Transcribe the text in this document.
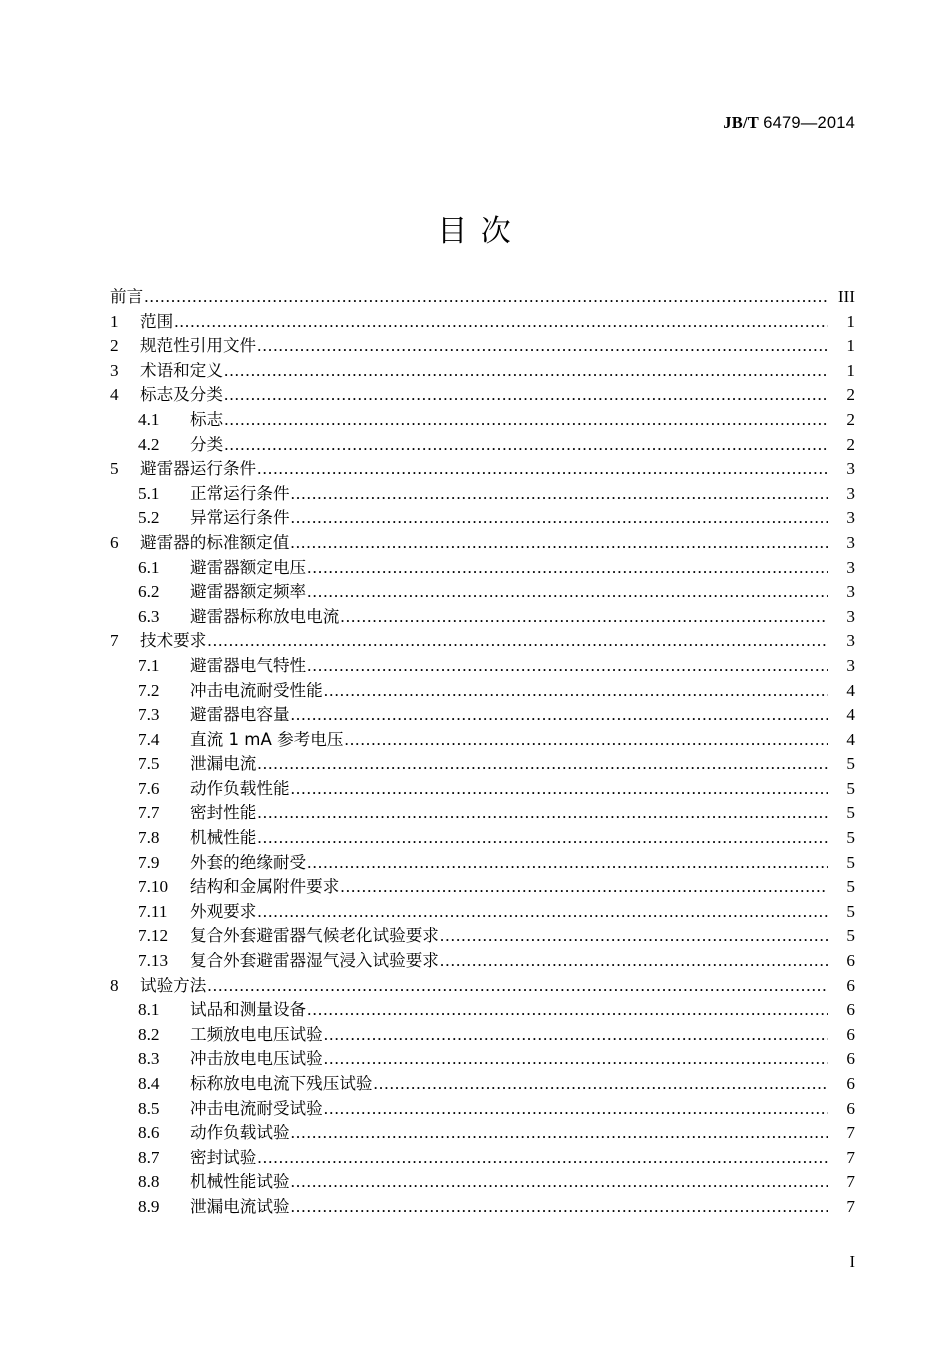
JB/T 6479—2014
目 次
前言 .....	III
1	范围 .....	1
2	规范性引用文件 .....	1
3	术语和定义 .....	1
4	标志及分类 .....	2
4.1	标志 .....	2
4.2	分类 .....	2
5	避雷器运行条件 .....	3
5.1	正常运行条件 .....	3
5.2	异常运行条件 .....	3
6	避雷器的标准额定值 .....	3
6.1	避雷器额定电压 .....	3
6.2	避雷器额定频率 .....	3
6.3	避雷器标称放电电流 .....	3
7	技术要求 .....	3
7.1	避雷器电气特性 .....	3
7.2	冲击电流耐受性能 .....	4
7.3	避雷器电容量 .....	4
7.4	直流 1 mA 参考电压 .....	4
7.5	泄漏电流 .....	5
7.6	动作负载性能 .....	5
7.7	密封性能 .....	5
7.8	机械性能 .....	5
7.9	外套的绝缘耐受 .....	5
7.10	结构和金属附件要求 .....	5
7.11	外观要求 .....	5
7.12	复合外套避雷器气候老化试验要求 .....	5
7.13	复合外套避雷器湿气浸入试验要求 .....	6
8	试验方法 .....	6
8.1	试品和测量设备 .....	6
8.2	工频放电电压试验 .....	6
8.3	冲击放电电压试验 .....	6
8.4	标称放电电流下残压试验 .....	6
8.5	冲击电流耐受试验 .....	6
8.6	动作负载试验 .....	7
8.7	密封试验 .....	7
8.8	机械性能试验 .....	7
8.9	泄漏电流试验 .....	7
I
